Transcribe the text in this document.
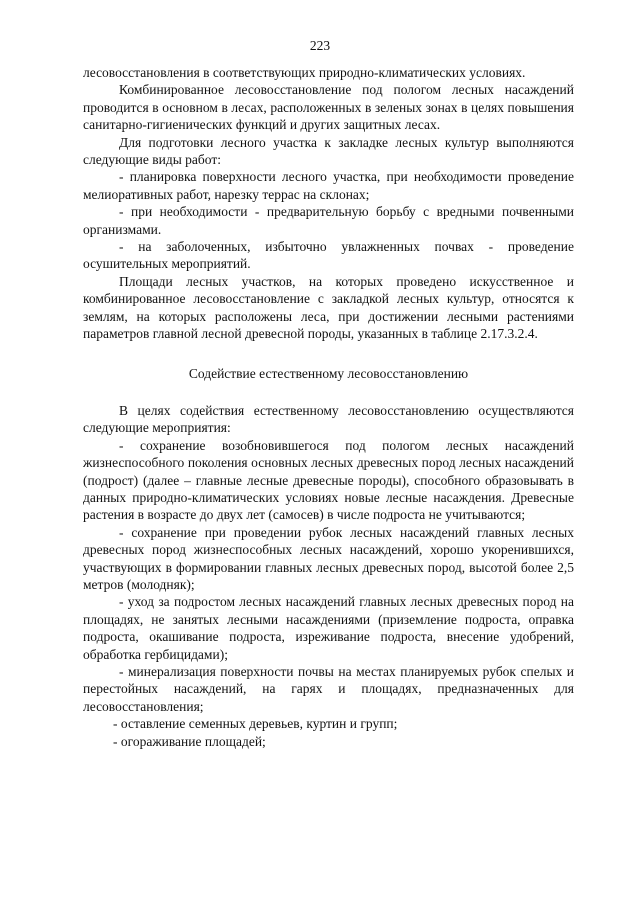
223

лесовосстановления в соответствующих природно-климатических условиях.

Комбинированное лесовосстановление под пологом лесных насаждений проводится в основном в лесах, расположенных в зеленых зонах в целях повышения санитарно-гигиенических функций и других защитных лесах.

Для подготовки лесного участка к закладке лесных культур выполняются следующие виды работ:

- планировка поверхности лесного участка, при необходимости проведение мелиоративных работ, нарезку террас на склонах;

- при необходимости - предварительную борьбу с вредными почвенными организмами.

- на заболоченных, избыточно увлажненных почвах - проведение осушительных мероприятий.

Площади лесных участков, на которых проведено искусственное и комбинированное лесовосстановление с закладкой лесных культур, относятся к землям, на которых расположены леса, при достижении лесными растениями параметров главной лесной древесной породы, указанных в таблице 2.17.3.2.4.

Содействие естественному лесовосстановлению

В целях содействия естественному лесовосстановлению осуществляются следующие мероприятия:

- сохранение возобновившегося под пологом лесных насаждений жизнеспособного поколения основных лесных древесных пород лесных насаждений (подрост) (далее – главные лесные древесные породы), способного образовывать в данных природно-климатических условиях новые лесные насаждения. Древесные растения в возрасте до двух лет (самосев) в числе подроста не учитываются;

- сохранение при проведении рубок лесных насаждений главных лесных древесных пород жизнеспособных лесных насаждений, хорошо укоренившихся, участвующих в формировании главных лесных древесных пород, высотой более 2,5 метров (молодняк);

- уход за подростом лесных насаждений главных лесных древесных пород на площадях, не занятых лесными насаждениями (приземление подроста, оправка подроста, окашивание подроста, изреживание подроста, внесение удобрений, обработка гербицидами);

- минерализация поверхности почвы на местах планируемых рубок спелых и перестойных насаждений, на гарях и площадях, предназначенных для лесовосстановления;

- оставление семенных деревьев, куртин и групп;

- огораживание площадей;
